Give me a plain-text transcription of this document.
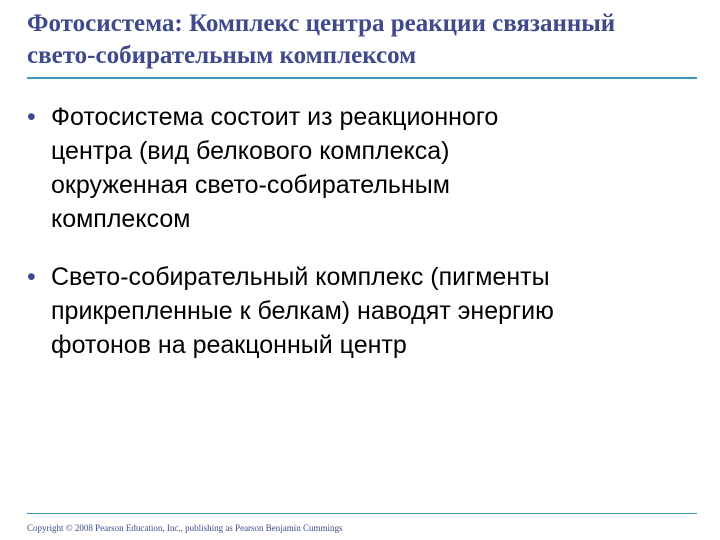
Фотосистема: Комплекс центра реакции связанный
свето-собирательным комплексом
• Фотосистема состоит из реакционного
центра (вид белкового комплекса)
окруженная свето-собирательным
комплексом
• Свето-собирательный комплекс (пигменты
прикрепленные к белкам) наводят энергию
фотонов на реакцонный центр
Copyright © 2008 Pearson Education, Inc., publishing as Pearson Benjamin Cummings
